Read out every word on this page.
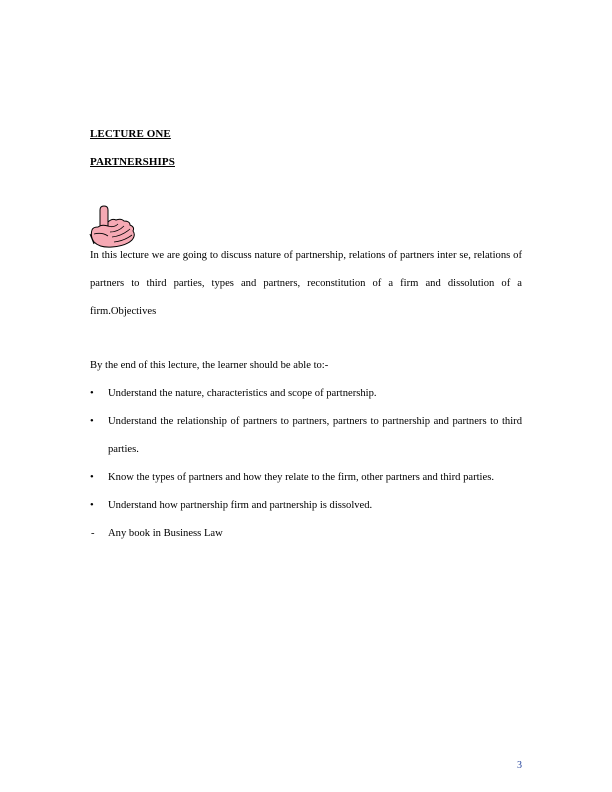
LECTURE ONE
PARTNERSHIPS

In this lecture we are going to discuss nature of partnership, relations of partners inter se, relations of partners to third parties, types and partners, reconstitution of a firm and dissolution of a firm.Objectives

By the end of this lecture, the learner should be able to:-

•	Understand the nature, characteristics and scope of partnership.
•	Understand the relationship of partners to partners, partners to partnership and partners to third parties.
•	Know the types of partners and how they relate to the firm, other partners and third parties.
•	Understand how partnership firm and partnership is dissolved.
-	Any book in Business Law
3
